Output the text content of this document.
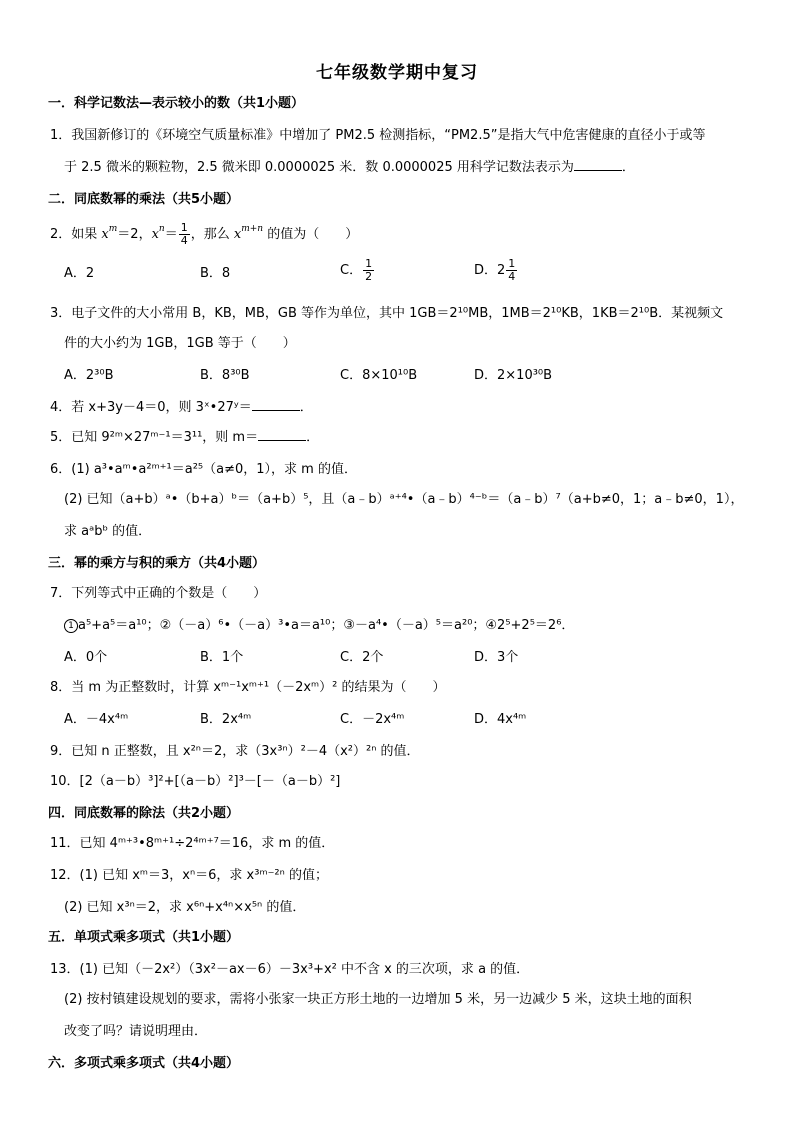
七年级数学期中复习
一．科学记数法—表示较小的数（共1小题）
1．我国新修订的《环境空气质量标准》中增加了 PM2.5 检测指标，“PM2.5”是指大气中危害健康的直径小于或等
于 2.5 微米的颗粒物，2.5 微米即 0.0000025 米．数 0.0000025 用科学记数法表示为	．
二．同底数幂的乘法（共5小题）
2．如果 $x^m=2$，$x^n= \frac{1}{4}$ ，那么 $x^{m+n}$ 的值为（　　）
A．2	B．8	C． $\frac{1}{2}$	D．$2 \frac{1}{4}$
3．电子文件的大小常用 B，KB，MB，GB 等作为单位，其中 1GB＝2¹⁰MB，1MB＝2¹⁰KB，1KB＝2¹⁰B．某视频文
件的大小约为 1GB，1GB 等于（　　）
A．2³⁰B	B．8³⁰B	C．8×10¹⁰B	D．2×10³⁰B
4．若 x+3y－4＝0，则 3ˣ•27ʸ＝	．
5．已知 9²ᵐ×27ᵐ⁻¹＝3¹¹，则 m＝	．
6．(1) a³•aᵐ•a²ᵐ⁺¹＝a²⁵（a≠0，1），求 m 的值．
(2) 已知（a+b）ᵃ•（b+a）ᵇ＝（a+b）⁵，且（a﹣b）ᵃ⁺⁴•（a﹣b）⁴⁻ᵇ＝（a﹣b）⁷（a+b≠0，1；a﹣b≠0，1），
求 aᵃbᵇ 的值．
三．幂的乘方与积的乘方（共4小题）
7．下列等式中正确的个数是（　　）
1 a⁵+a⁵＝a¹⁰；②（－a）⁶•（－a）³•a＝a¹⁰；③－a⁴•（－a）⁵＝a²⁰；④2⁵+2⁵＝2⁶．
A．0个	B．1个	C．2个	D．3个
8．当 m 为正整数时，计算 xᵐ⁻¹xᵐ⁺¹（－2xᵐ）² 的结果为（　　）
A．－4x⁴ᵐ	B．2x⁴ᵐ	C．－2x⁴ᵐ	D．4x⁴ᵐ
9．已知 n 正整数，且 x²ⁿ＝2，求（3x³ⁿ）²－4（x²）²ⁿ 的值．
10．[2（a－b）³]²+[（a－b）²]³－[－（a－b）²]
四．同底数幂的除法（共2小题）
11．已知 4ᵐ⁺³•8ᵐ⁺¹÷2⁴ᵐ⁺⁷＝16，求 m 的值．
12．(1) 已知 xᵐ＝3，xⁿ＝6，求 x³ᵐ⁻²ⁿ 的值；
(2) 已知 x³ⁿ＝2，求 x⁶ⁿ+x⁴ⁿ×x⁵ⁿ 的值．
五．单项式乘多项式（共1小题）
13．(1) 已知（－2x²）（3x²－ax－6）－3x³+x² 中不含 x 的三次项，求 a 的值．
(2) 按村镇建设规划的要求，需将小张家一块正方形土地的一边增加 5 米，另一边减少 5 米，这块土地的面积
改变了吗？请说明理由．
六．多项式乘多项式（共4小题）
